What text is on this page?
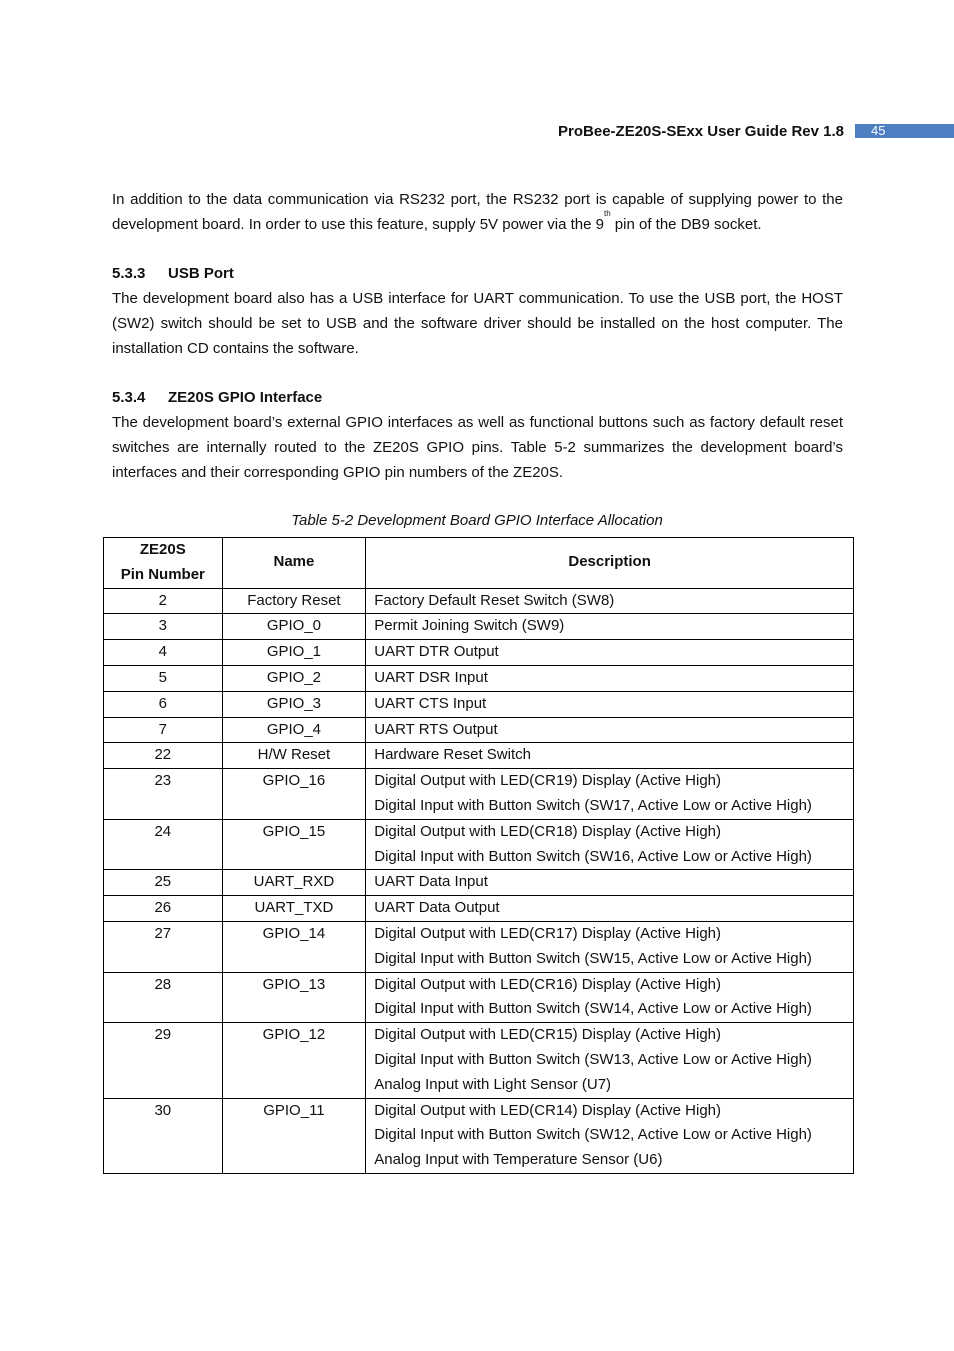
ProBee-ZE20S-SExx User Guide Rev 1.8	45

In addition to the data communication via RS232 port, the RS232 port is capable of supplying power to the development board. In order to use this feature, supply 5V power via the 9th pin of the DB9 socket.

5.3.3 USB Port

The development board also has a USB interface for UART communication. To use the USB port, the HOST (SW2) switch should be set to USB and the software driver should be installed on the host computer. The installation CD contains the software.

5.3.4 ZE20S GPIO Interface

The development board’s external GPIO interfaces as well as functional buttons such as factory default reset switches are internally routed to the ZE20S GPIO pins. Table 5-2 summarizes the development board’s interfaces and their corresponding GPIO pin numbers of the ZE20S.

Table 5-2 Development Board GPIO Interface Allocation
ZE20S
Pin Number	Name	Description
2	Factory Reset	Factory Default Reset Switch (SW8)

3	GPIO_0	Permit Joining Switch (SW9)

4	GPIO_1	UART DTR Output

5	GPIO_2	UART DSR Input

6	GPIO_3	UART CTS Input

7	GPIO_4	UART RTS Output

22	H/W Reset	Hardware Reset Switch

23	GPIO_16	Digital Output with LED(CR19) Display (Active High)
Digital Input with Button Switch (SW17, Active Low or Active High)

24	GPIO_15	Digital Output with LED(CR18) Display (Active High)
Digital Input with Button Switch (SW16, Active Low or Active High)

25	UART_RXD	UART Data Input

26	UART_TXD	UART Data Output

27	GPIO_14	Digital Output with LED(CR17) Display (Active High)
Digital Input with Button Switch (SW15, Active Low or Active High)

28	GPIO_13	Digital Output with LED(CR16) Display (Active High)
Digital Input with Button Switch (SW14, Active Low or Active High)

29	GPIO_12	Digital Output with LED(CR15) Display (Active High)
Digital Input with Button Switch (SW13, Active Low or Active High)
Analog Input with Light Sensor (U7)

30	GPIO_11	Digital Output with LED(CR14) Display (Active High)
Digital Input with Button Switch (SW12, Active Low or Active High)
Analog Input with Temperature Sensor (U6)
